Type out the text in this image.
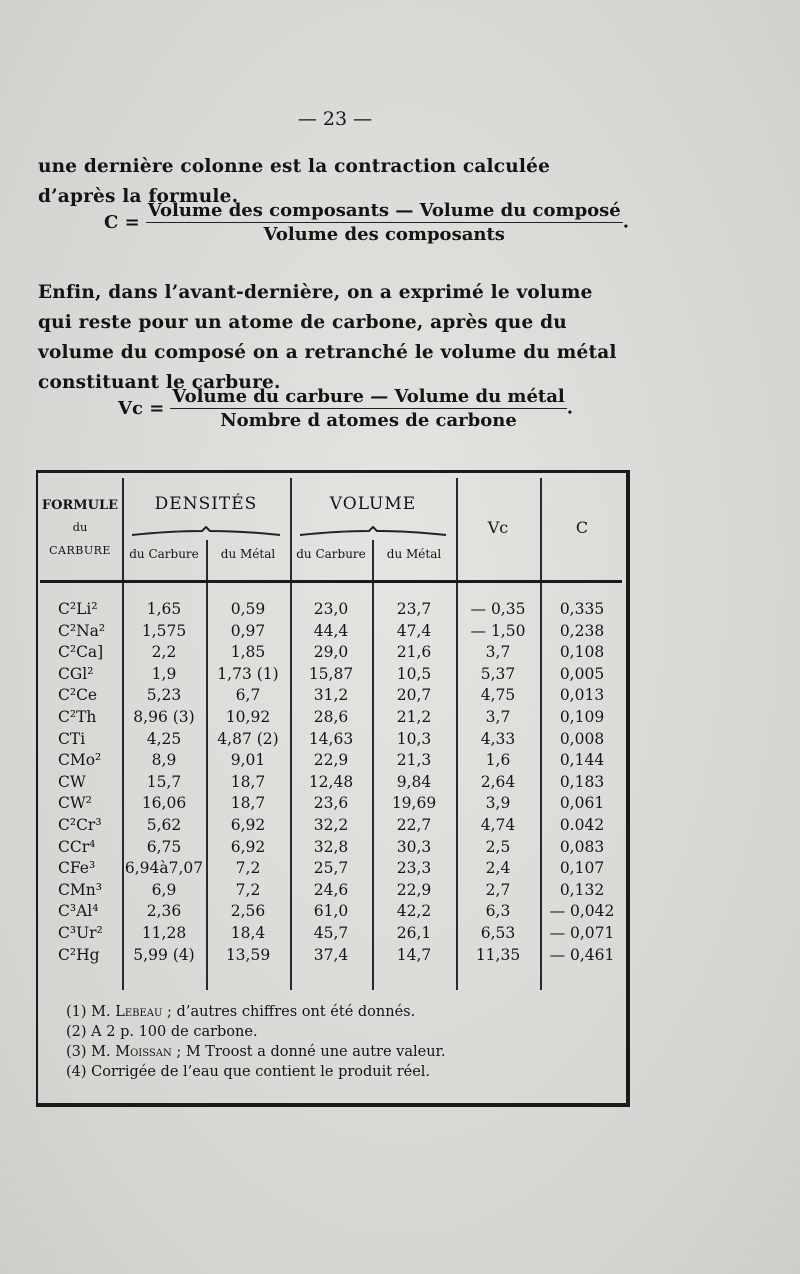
— 23 —
une dernière colonne est la contraction calculée d’après la formule.
$C = \frac{\text{Volume des composants — Volume du composé}}{\text{Volume des composants}}$ .
Enfin, dans l’avant-dernière, on a exprimé le volume qui reste pour un atome de carbone, après que du volume du composé on a retranché le volume du métal constituant le carbure.
$Vc = \frac{\text{Volume du carbure — Volume du métal}}{\text{Nombre d atomes de carbone}}$ .
FORMULE
du
CARBURE
DENSITÉS
du Carbure	du Métal
VOLUME
du Carbure	du Métal
Vc	C
C²Li²	1,65	0,59	23,0	23,7	— 0,35	0,335
C²Na²	1,575	0,97	44,4	47,4	— 1,50	0,238
C²Ca]	2,2	1,85	29,0	21,6	3,7	0,108
CGl²	1,9	1,73 (1)	15,87	10,5	5,37	0,005
C²Ce	5,23	6,7	31,2	20,7	4,75	0,013
C²Th	8,96 (3)	10,92	28,6	21,2	3,7	0,109
CTi	4,25	4,87 (2)	14,63	10,3	4,33	0,008
CMo²	8,9	9,01	22,9	21,3	1,6	0,144
CW	15,7	18,7	12,48	9,84	2,64	0,183
CW²	16,06	18,7	23,6	19,69	3,9	0,061
C²Cr³	5,62	6,92	32,2	22,7	4,74	0.042
CCr⁴	6,75	6,92	32,8	30,3	2,5	0,083
CFe³ 6,94à7,07	7,2	25,7	23,3	2,4	0,107
CMn³	6,9	7,2	24,6	22,9	2,7	0,132
C³Al⁴	2,36	2,56	61,0	42,2	6,3	— 0,042
C³Ur²	11,28	18,4	45,7	26,1	6,53	— 0,071
C²Hg	5,99 (4)	13,59	37,4	14,7	11,35	— 0,461
(1) M. Lebeau ; d’autres chiffres ont été donnés.
(2) A 2 p. 100 de carbone.
(3) M. Moissan ; M Troost a donné une autre valeur.
(4) Corrigée de l’eau que contient le produit réel.
